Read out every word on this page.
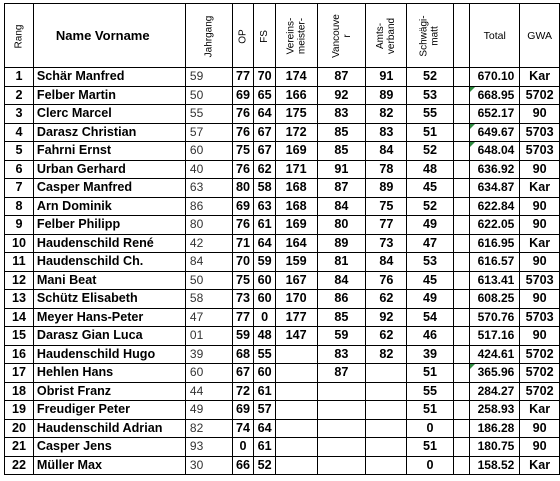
Rang	Name Vorname	Jahrgang	OP	FS	Vereins-
meister-	Vancouve
r	Amts-
verband	Schwägi-
matt		Total	GWA
1	Schär Manfred	59	77	70	174	87	91	52		670.10	Kar
2	Felber Martin	50	69	65	166	92	89	53		668.95	5702
3	Clerc Marcel	55	76	64	175	83	82	55		652.17	90
4	Darasz Christian	57	76	67	172	85	83	51		649.67	5703
5	Fahrni Ernst	60	75	67	169	85	84	52		648.04	5703
6	Urban Gerhard	40	76	62	171	91	78	48		636.92	90
7	Casper Manfred	63	80	58	168	87	89	45		634.87	Kar
8	Arn Dominik	86	69	63	168	84	75	52		622.84	90
9	Felber Philipp	80	76	61	169	80	77	49		622.05	90
10	Haudenschild René	42	71	64	164	89	73	47		616.95	Kar
11	Haudenschild Ch.	84	70	59	159	81	84	53		616.57	90
12	Mani Beat	50	75	60	167	84	76	45		613.41	5703
13	Schütz Elisabeth	58	73	60	170	86	62	49		608.25	90
14	Meyer Hans-Peter	47	77	0	177	85	92	54		570.76	5703
15	Darasz Gian Luca	01	59	48	147	59	62	46		517.16	90
16	Haudenschild Hugo	39	68	55		83	82	39		424.61	5702
17	Hehlen Hans	60	67	60		87		51		365.96	5702
18	Obrist Franz	44	72	61				55		284.27	5702
19	Freudiger Peter	49	69	57				51		258.93	Kar
20	Haudenschild Adrian	82	74	64				0		186.28	90
21	Casper Jens	93	0	61				51		180.75	90
22	Müller Max	30	66	52				0		158.52	Kar
